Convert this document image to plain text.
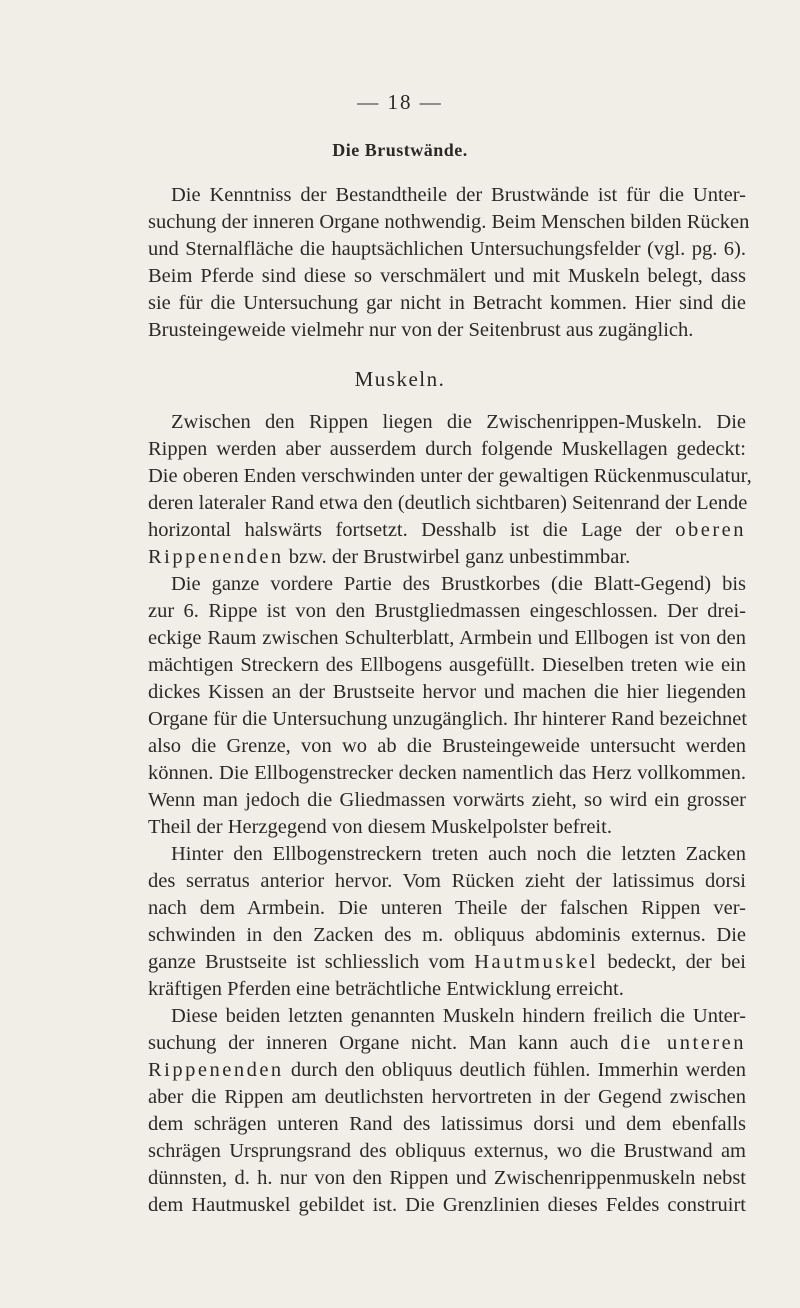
— 18 —
Die Brustwände.
Die Kenntniss der Bestandtheile der Brustwände ist für die Unter-
suchung der inneren Organe nothwendig. Beim Menschen bilden Rücken
und Sternalfläche die hauptsächlichen Untersuchungsfelder (vgl. pg. 6).
Beim Pferde sind diese so verschmälert und mit Muskeln belegt, dass
sie für die Untersuchung gar nicht in Betracht kommen. Hier sind die
Brusteingeweide vielmehr nur von der Seitenbrust aus zugänglich.
Muskeln.
Zwischen den Rippen liegen die Zwischenrippen-Muskeln. Die
Rippen werden aber ausserdem durch folgende Muskellagen gedeckt:
Die oberen Enden verschwinden unter der gewaltigen Rückenmusculatur,
deren lateraler Rand etwa den (deutlich sichtbaren) Seitenrand der Lende
horizontal halswärts fortsetzt. Desshalb ist die Lage der oberen
Rippenenden bzw. der Brustwirbel ganz unbestimmbar.
Die ganze vordere Partie des Brustkorbes (die Blatt-Gegend) bis
zur 6. Rippe ist von den Brustgliedmassen eingeschlossen. Der drei-
eckige Raum zwischen Schulterblatt, Armbein und Ellbogen ist von den
mächtigen Streckern des Ellbogens ausgefüllt. Dieselben treten wie ein
dickes Kissen an der Brustseite hervor und machen die hier liegenden
Organe für die Untersuchung unzugänglich. Ihr hinterer Rand bezeichnet
also die Grenze, von wo ab die Brusteingeweide untersucht werden
können. Die Ellbogenstrecker decken namentlich das Herz vollkommen.
Wenn man jedoch die Gliedmassen vorwärts zieht, so wird ein grosser
Theil der Herzgegend von diesem Muskelpolster befreit.
Hinter den Ellbogenstreckern treten auch noch die letzten Zacken
des serratus anterior hervor. Vom Rücken zieht der latissimus dorsi
nach dem Armbein. Die unteren Theile der falschen Rippen ver-
schwinden in den Zacken des m. obliquus abdominis externus. Die
ganze Brustseite ist schliesslich vom Hautmuskel bedeckt, der bei
kräftigen Pferden eine beträchtliche Entwicklung erreicht.
Diese beiden letzten genannten Muskeln hindern freilich die Unter-
suchung der inneren Organe nicht. Man kann auch die unteren
Rippenenden durch den obliquus deutlich fühlen. Immerhin werden
aber die Rippen am deutlichsten hervortreten in der Gegend zwischen
dem schrägen unteren Rand des latissimus dorsi und dem ebenfalls
schrägen Ursprungsrand des obliquus externus, wo die Brustwand am
dünnsten, d. h. nur von den Rippen und Zwischenrippenmuskeln nebst
dem Hautmuskel gebildet ist. Die Grenzlinien dieses Feldes construirt
